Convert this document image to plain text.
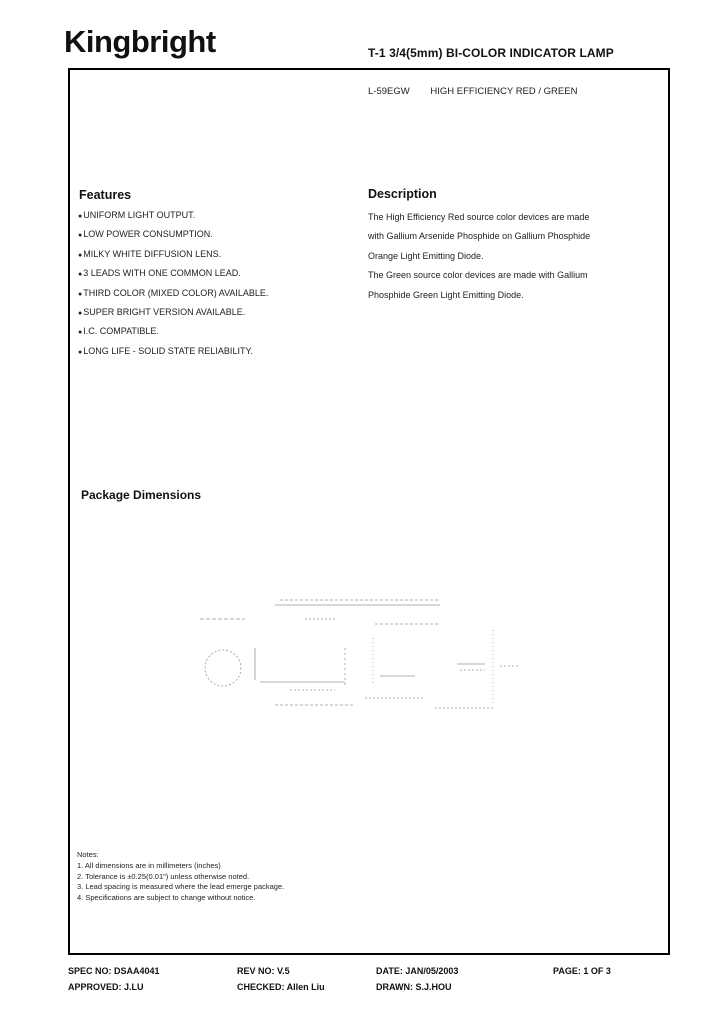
Kingbright	T-1 3/4(5mm) BI-COLOR INDICATOR LAMP
L-59EGW HIGH EFFICIENCY RED / GREEN
Features
●UNIFORM LIGHT OUTPUT.
●LOW POWER CONSUMPTION.
●MILKY WHITE DIFFUSION LENS.
●3 LEADS WITH ONE COMMON LEAD.
●THIRD COLOR (MIXED COLOR) AVAILABLE.
●SUPER BRIGHT VERSION AVAILABLE.
●I.C. COMPATIBLE.
●LONG LIFE - SOLID STATE RELIABILITY.
Description

The High Efficiency Red source color devices are made

with Gallium Arsenide Phosphide on Gallium Phosphide

Orange Light Emitting Diode.

The Green source color devices are made with Gallium

Phosphide Green Light Emitting Diode.

Package Dimensions
Notes:
1. All dimensions are in millimeters (inches)
2. Tolerance is ±0.25(0.01") unless otherwise noted.
3. Lead spacing is measured where the lead emerge package.
4. Specifications are subject to change without notice.
SPEC NO: DSAA4041	REV NO: V.5	DATE: JAN/05/2003	PAGE: 1 OF 3
APPROVED: J.LU	CHECKED: Allen Liu	DRAWN: S.J.HOU
